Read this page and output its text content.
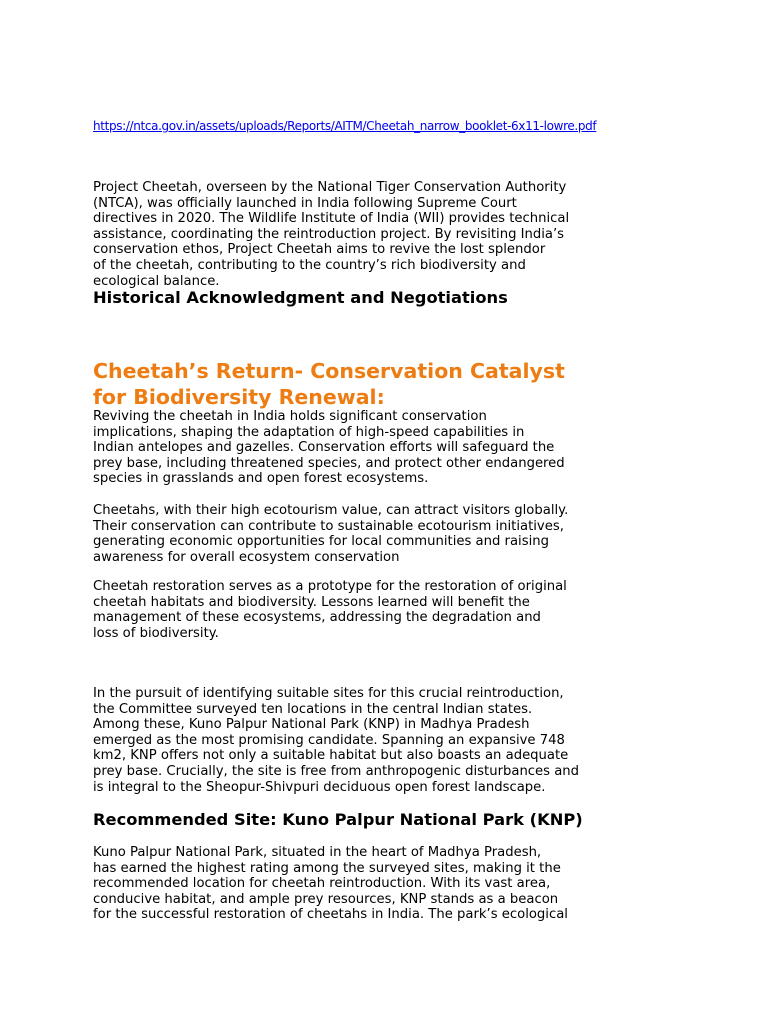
https://ntca.gov.in/assets/uploads/Reports/AITM/Cheetah_narrow_booklet-6x11-lowre.pdf
Project Cheetah, overseen by the National Tiger Conservation Authority
(NTCA), was officially launched in India following Supreme Court
directives in 2020. The Wildlife Institute of India (WII) provides technical
assistance, coordinating the reintroduction project. By revisiting India’s
conservation ethos, Project Cheetah aims to revive the lost splendor
of the cheetah, contributing to the country’s rich biodiversity and
ecological balance.
Historical Acknowledgment and Negotiations
Cheetah’s Return- Conservation Catalyst
for Biodiversity Renewal:
Reviving the cheetah in India holds significant conservation
implications, shaping the adaptation of high-speed capabilities in
Indian antelopes and gazelles. Conservation efforts will safeguard the
prey base, including threatened species, and protect other endangered
species in grasslands and open forest ecosystems.
Cheetahs, with their high ecotourism value, can attract visitors globally.
Their conservation can contribute to sustainable ecotourism initiatives,
generating economic opportunities for local communities and raising
awareness for overall ecosystem conservation
Cheetah restoration serves as a prototype for the restoration of original
cheetah habitats and biodiversity. Lessons learned will benefit the
management of these ecosystems, addressing the degradation and
loss of biodiversity.
In the pursuit of identifying suitable sites for this crucial reintroduction,
the Committee surveyed ten locations in the central Indian states.
Among these, Kuno Palpur National Park (KNP) in Madhya Pradesh
emerged as the most promising candidate. Spanning an expansive 748
km2, KNP offers not only a suitable habitat but also boasts an adequate
prey base. Crucially, the site is free from anthropogenic disturbances and
is integral to the Sheopur-Shivpuri deciduous open forest landscape.
Recommended Site: Kuno Palpur National Park (KNP)
Kuno Palpur National Park, situated in the heart of Madhya Pradesh,
has earned the highest rating among the surveyed sites, making it the
recommended location for cheetah reintroduction. With its vast area,
conducive habitat, and ample prey resources, KNP stands as a beacon
for the successful restoration of cheetahs in India. The park’s ecological
